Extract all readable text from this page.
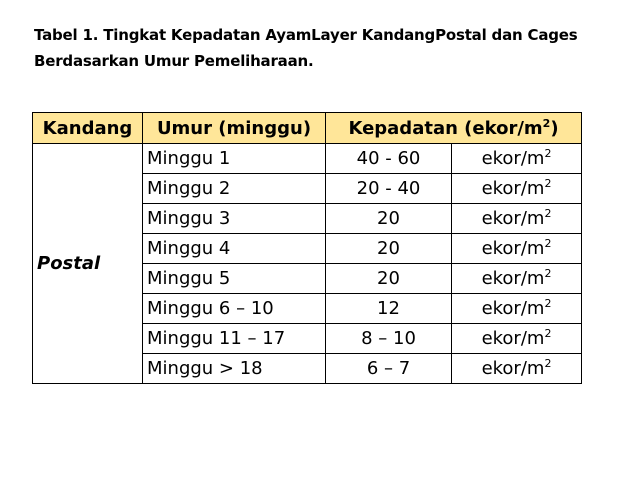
Tabel 1. Tingkat Kepadatan AyamLayer KandangPostal dan Cages
Berdasarkan Umur Pemeliharaan.
Kandang	Umur (minggu)	Kepadatan $(ekor/m^2)$	
Postal	Minggu 1	40 - 60	ekor/$m^2$
	Minggu 2	20 - 40	ekor/$m^2$
	Minggu 3	20	ekor/$m^2$
	Minggu 4	20	ekor/$m^2$
	Minggu 5	20	ekor/$m^2$
	Minggu 6 – 10	12	ekor/$m^2$
	Minggu 11 – 17	8 – 10	ekor/$m^2$
	Minggu > 18	6 – 7	ekor/$m^2$
